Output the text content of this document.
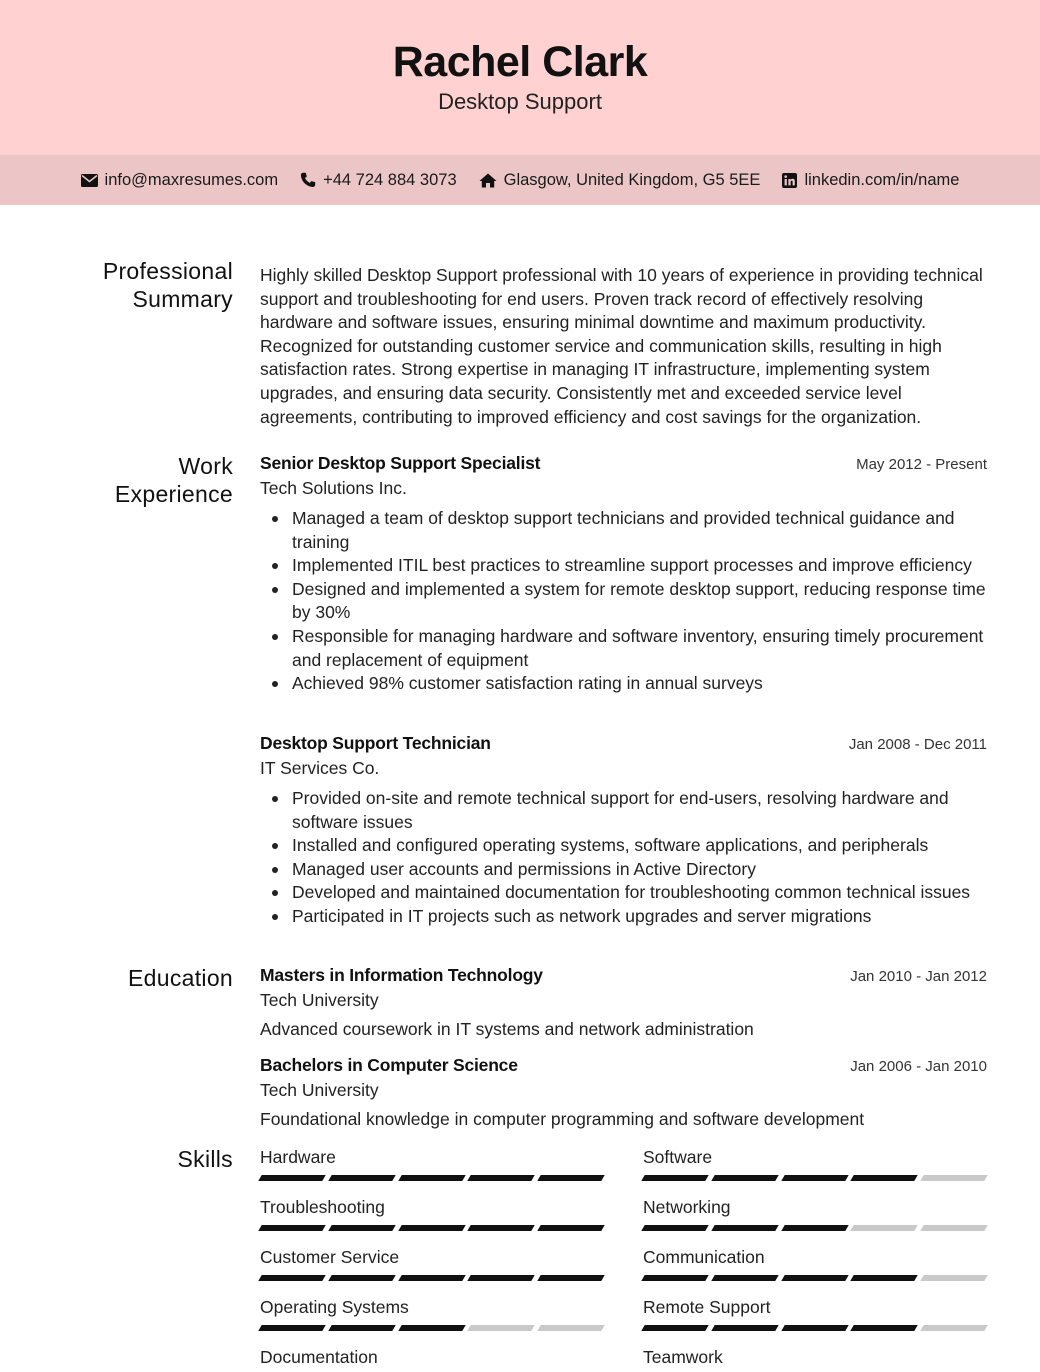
Rachel Clark
Desktop Support
info@maxresumes.com	+44 724 884 3073	Glasgow, United Kingdom, G5 5EE	linkedin.com/in/name
Professional
Summary

Highly skilled Desktop Support professional with 10 years of experience in providing technical support and troubleshooting for end users. Proven track record of effectively resolving hardware and software issues, ensuring minimal downtime and maximum productivity. Recognized for outstanding customer service and communication skills, resulting in high satisfaction rates. Strong expertise in managing IT infrastructure, implementing system upgrades, and ensuring data security. Consistently met and exceeded service level agreements, contributing to improved efficiency and cost savings for the organization.

Work
Experience
Senior Desktop Support Specialist	May 2012 - Present
Tech Solutions Inc.
Managed a team of desktop support technicians and provided technical guidance and training
Implemented ITIL best practices to streamline support processes and improve efficiency
Designed and implemented a system for remote desktop support, reducing response time by 30%
Responsible for managing hardware and software inventory, ensuring timely procurement and replacement of equipment
Achieved 98% customer satisfaction rating in annual surveys
Desktop Support Technician	Jan 2008 - Dec 2011
IT Services Co.
Provided on-site and remote technical support for end-users, resolving hardware and software issues
Installed and configured operating systems, software applications, and peripherals
Managed user accounts and permissions in Active Directory
Developed and maintained documentation for troubleshooting common technical issues
Participated in IT projects such as network upgrades and server migrations
Education Masters in Information Technology	Jan 2010 - Jan 2012
Tech University
Advanced coursework in IT systems and network administration
Bachelors in Computer Science	Jan 2006 - Jan 2010
Tech University
Foundational knowledge in computer programming and software development
Skills Hardware	Software
Troubleshooting	Networking
Customer Service	Communication
Operating Systems	Remote Support
Documentation	Teamwork
